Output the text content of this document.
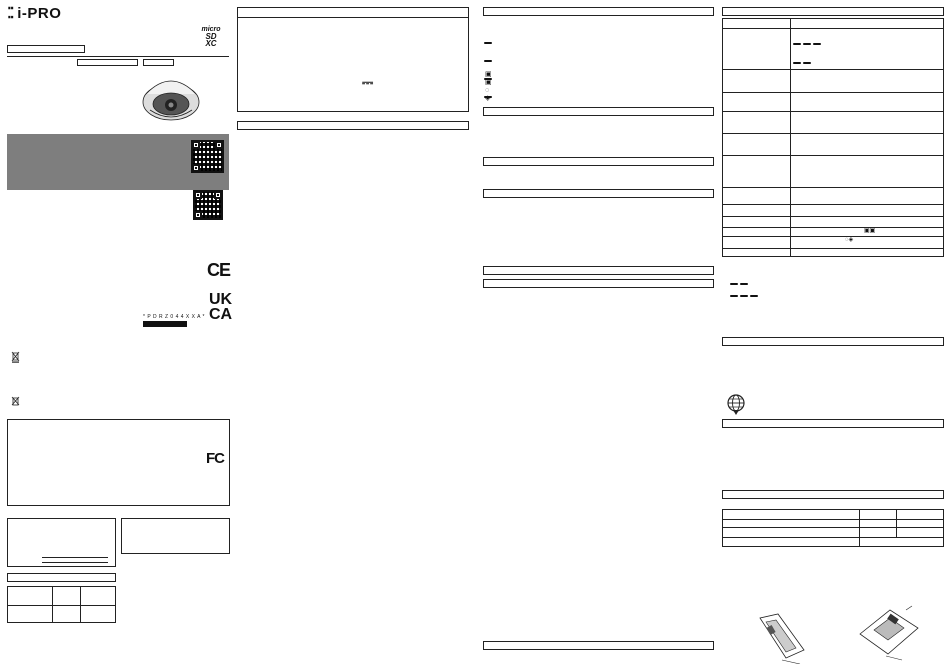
⁚⁚ i-PRO
micro
SD
XC
CE
UK
CA
* P D R Z 0 4 4 X X A *
FC
⎓	▣
▣
◌
◈
◌◈
▣▣
